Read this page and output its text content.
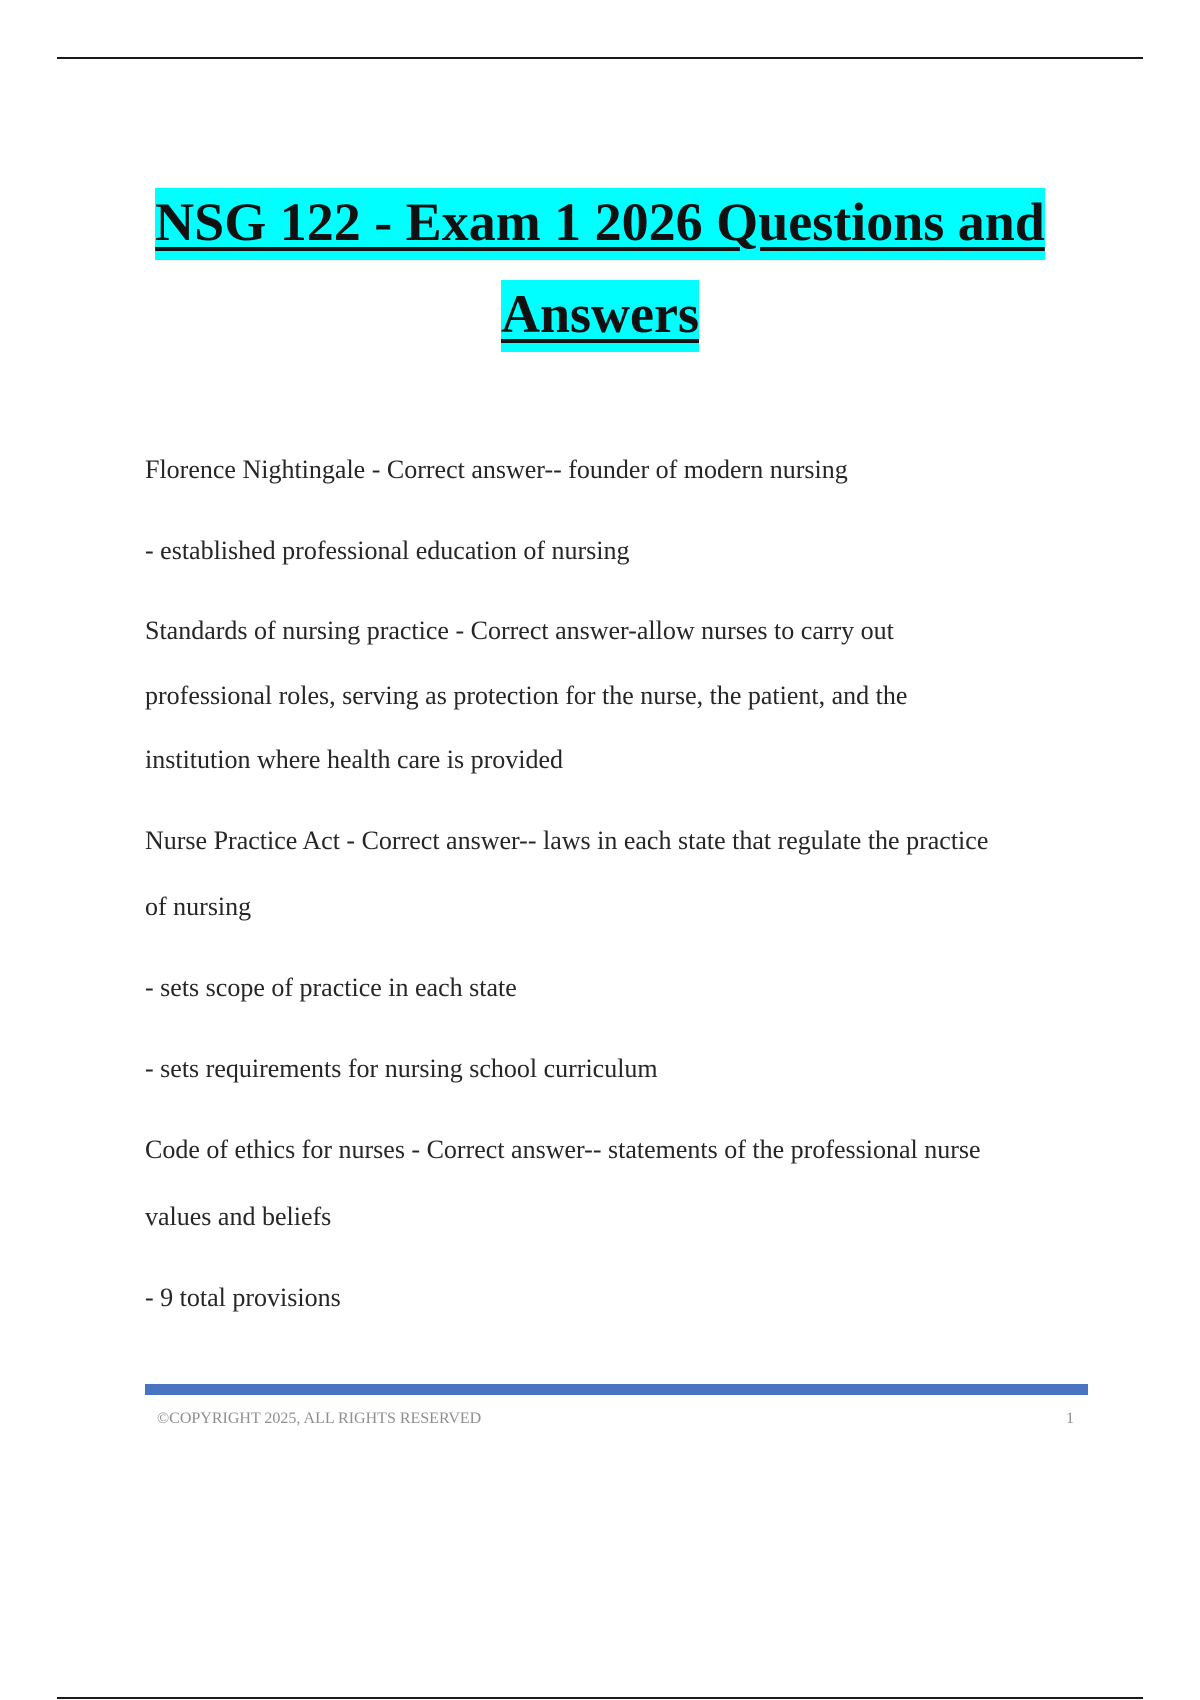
NSG 122 - Exam 1 2026 Questions and
Answers
Florence Nightingale - Correct answer-- founder of modern nursing
- established professional education of nursing
Standards of nursing practice - Correct answer-allow nurses to carry out
professional roles, serving as protection for the nurse, the patient, and the
institution where health care is provided
Nurse Practice Act - Correct answer-- laws in each state that regulate the practice
of nursing
- sets scope of practice in each state
- sets requirements for nursing school curriculum
Code of ethics for nurses - Correct answer-- statements of the professional nurse
values and beliefs
- 9 total provisions
©COPYRIGHT 2025, ALL RIGHTS RESERVED	1
